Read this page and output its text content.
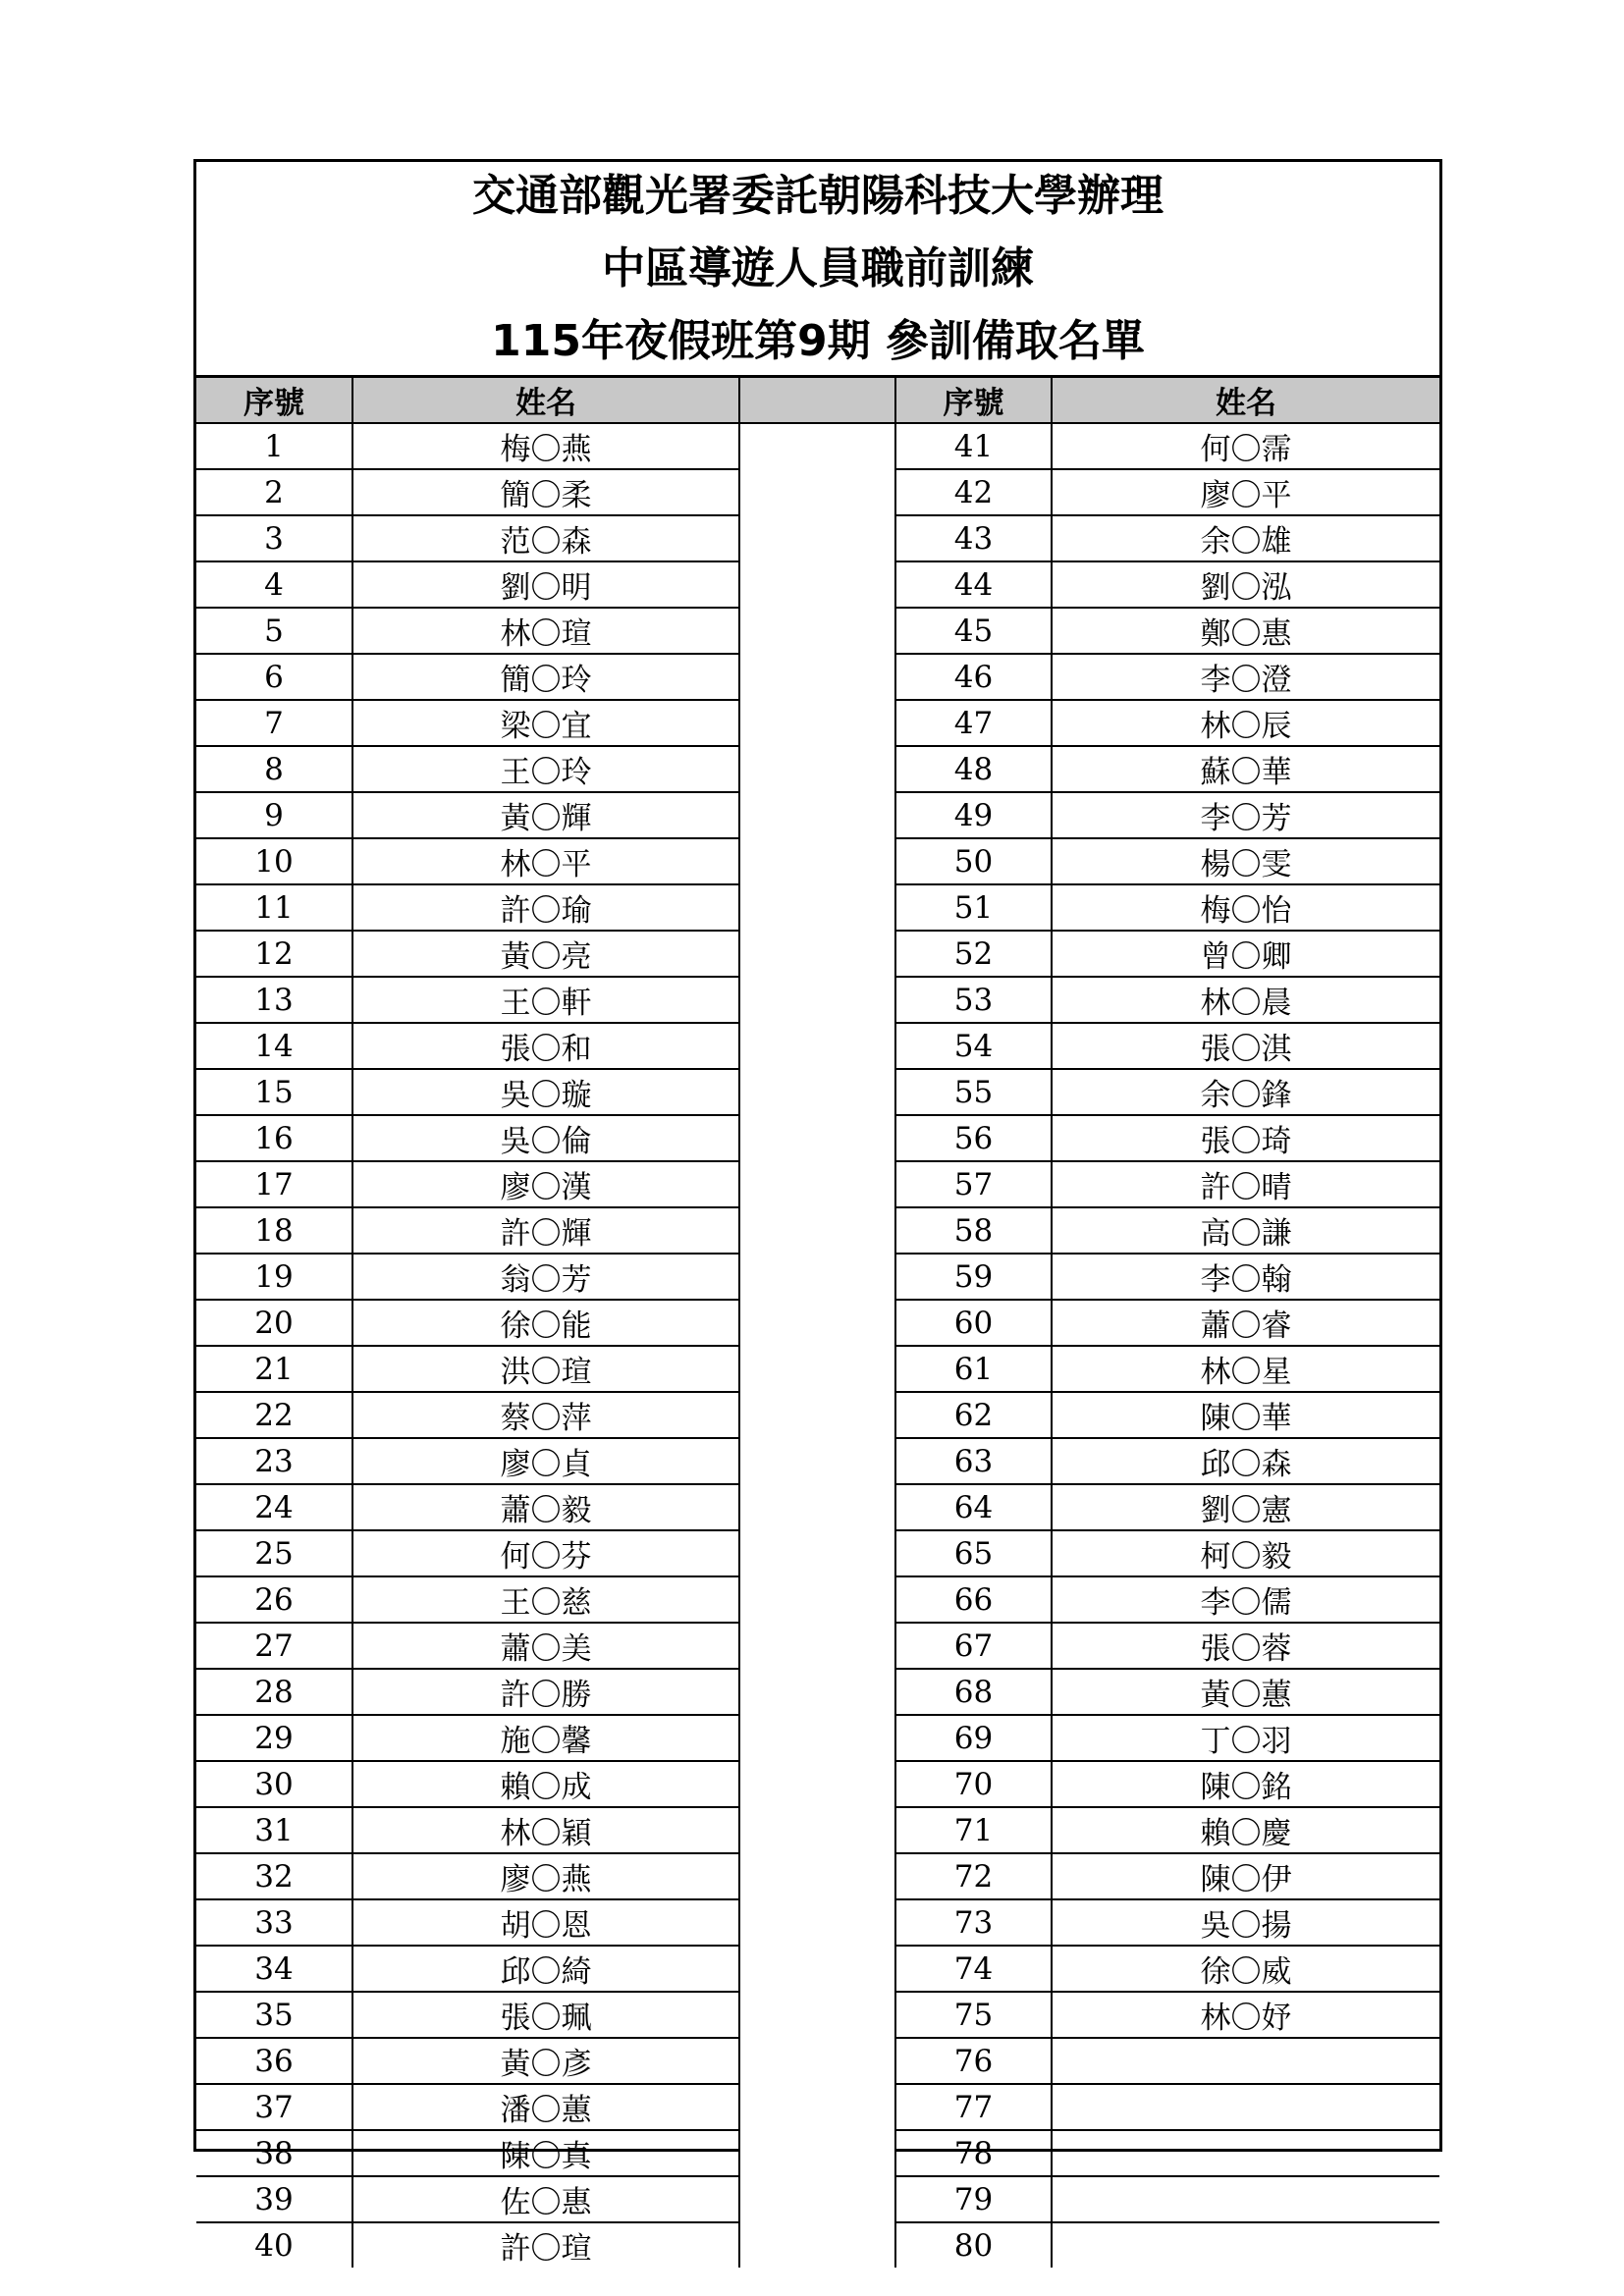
交通部觀光署委託朝陽科技大學辦理
中區導遊人員職前訓練
115年夜假班第9期 參訓備取名單
序號	姓名		序號	姓名
1	梅〇燕		41	何〇霈
2	簡〇柔		42	廖〇平
3	范〇森		43	余〇雄
4	劉〇明		44	劉〇泓
5	林〇瑄		45	鄭〇惠
6	簡〇玲		46	李〇澄
7	梁〇宜		47	林〇辰
8	王〇玲		48	蘇〇華
9	黃〇輝		49	李〇芳
10	林〇平		50	楊〇雯
11	許〇瑜		51	梅〇怡
12	黃〇亮		52	曾〇卿
13	王〇軒		53	林〇晨
14	張〇和		54	張〇淇
15	吳〇璇		55	余〇鋒
16	吳〇倫		56	張〇琦
17	廖〇漢		57	許〇晴
18	許〇輝		58	高〇謙
19	翁〇芳		59	李〇翰
20	徐〇能		60	蕭〇睿
21	洪〇瑄		61	林〇星
22	蔡〇萍		62	陳〇華
23	廖〇貞		63	邱〇森
24	蕭〇毅		64	劉〇憲
25	何〇芬		65	柯〇毅
26	王〇慈		66	李〇儒
27	蕭〇美		67	張〇蓉
28	許〇勝		68	黃〇蕙
29	施〇馨		69	丁〇羽
30	賴〇成		70	陳〇銘
31	林〇穎		71	賴〇慶
32	廖〇燕		72	陳〇伊
33	胡〇恩		73	吳〇揚
34	邱〇綺		74	徐〇威
35	張〇珮		75	林〇妤
36	黃〇彥		76	
37	潘〇蕙		77	
38	陳〇真		78	
39	佐〇惠		79	
40	許〇瑄		80	
